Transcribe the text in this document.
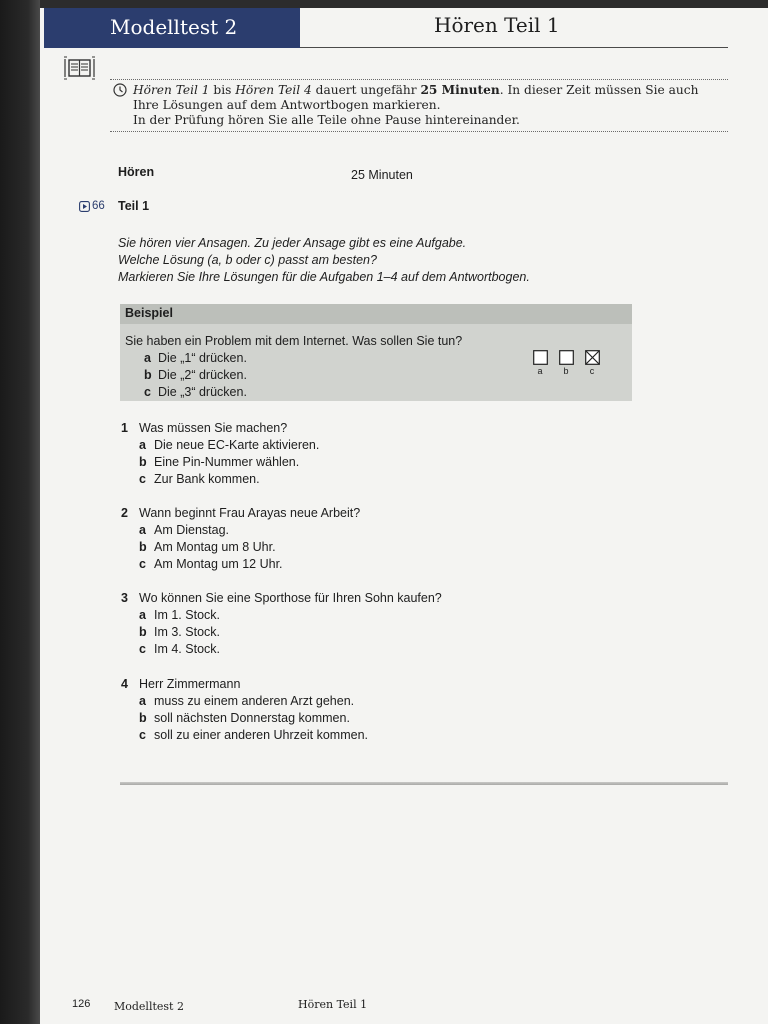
Modelltest 2	Hören Teil 1
Hören Teil 1 bis Hören Teil 4 dauert ungefähr 25 Minuten. In dieser Zeit müssen Sie auch
Ihre Lösungen auf dem Antwortbogen markieren.
In der Prüfung hören Sie alle Teile ohne Pause hintereinander.
Hören	25 Minuten
66 Teil 1
Sie hören vier Ansagen. Zu jeder Ansage gibt es eine Aufgabe.
Welche Lösung (a, b oder c) passt am besten?
Markieren Sie Ihre Lösungen für die Aufgaben 1–4 auf dem Antwortbogen.
Beispiel
Sie haben ein Problem mit dem Internet. Was sollen Sie tun?
a Die „1“ drücken.
b Die „2“ drücken.
c Die „3“ drücken.
a b c
1 Was müssen Sie machen?
a Die neue EC-Karte aktivieren.
b Eine Pin-Nummer wählen.
c Zur Bank kommen.
2 Wann beginnt Frau Arayas neue Arbeit?
a Am Dienstag.
b Am Montag um 8 Uhr.
c Am Montag um 12 Uhr.
3 Wo können Sie eine Sporthose für Ihren Sohn kaufen?
a Im 1. Stock.
b Im 3. Stock.
c Im 4. Stock.
4 Herr Zimmermann
a muss zu einem anderen Arzt gehen.
b soll nächsten Donnerstag kommen.
c soll zu einer anderen Uhrzeit kommen.
126 Modelltest 2	Hören Teil 1
